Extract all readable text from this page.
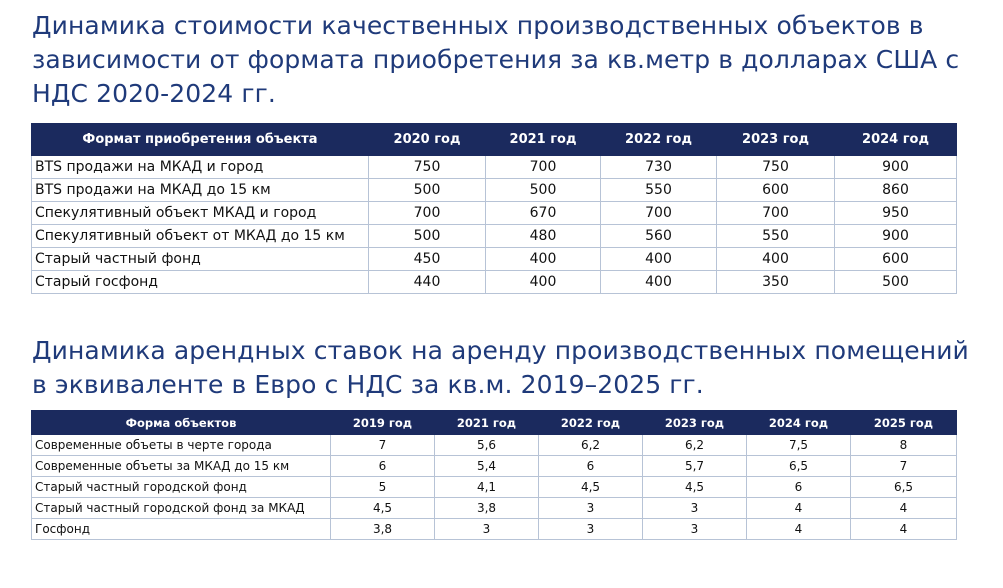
Динамика стоимости качественных производственных объектов в зависимости от формата приобретения за кв.метр в долларах США с НДС 2020-2024 гг.
Формат приобретения объекта	2020 год	2021 год	2022 год	2023 год	2024 год
BTS продажи на МКАД и город	750	700	730	750	900
BTS продажи на МКАД до 15 км	500	500	550	600	860
Спекулятивный объект МКАД и город	700	670	700	700	950
Спекулятивный объект от МКАД до 15 км	500	480	560	550	900
Старый частный фонд	450	400	400	400	600
Старый госфонд	440	400	400	350	500
Динамика арендных ставок на аренду производственных помещений в эквиваленте в Евро с НДС за кв.м. 2019–2025 гг.
Форма объектов	2019 год	2021 год	2022 год	2023 год	2024 год	2025 год
Современные объеты в черте города	7	5,6	6,2	6,2	7,5	8
Современные объеты за МКАД до 15 км	6	5,4	6	5,7	6,5	7
Старый частный городской фонд	5	4,1	4,5	4,5	6	6,5
Старый частный городской фонд за МКАД	4,5	3,8	3	3	4	4
Госфонд	3,8	3	3	3	4	4
